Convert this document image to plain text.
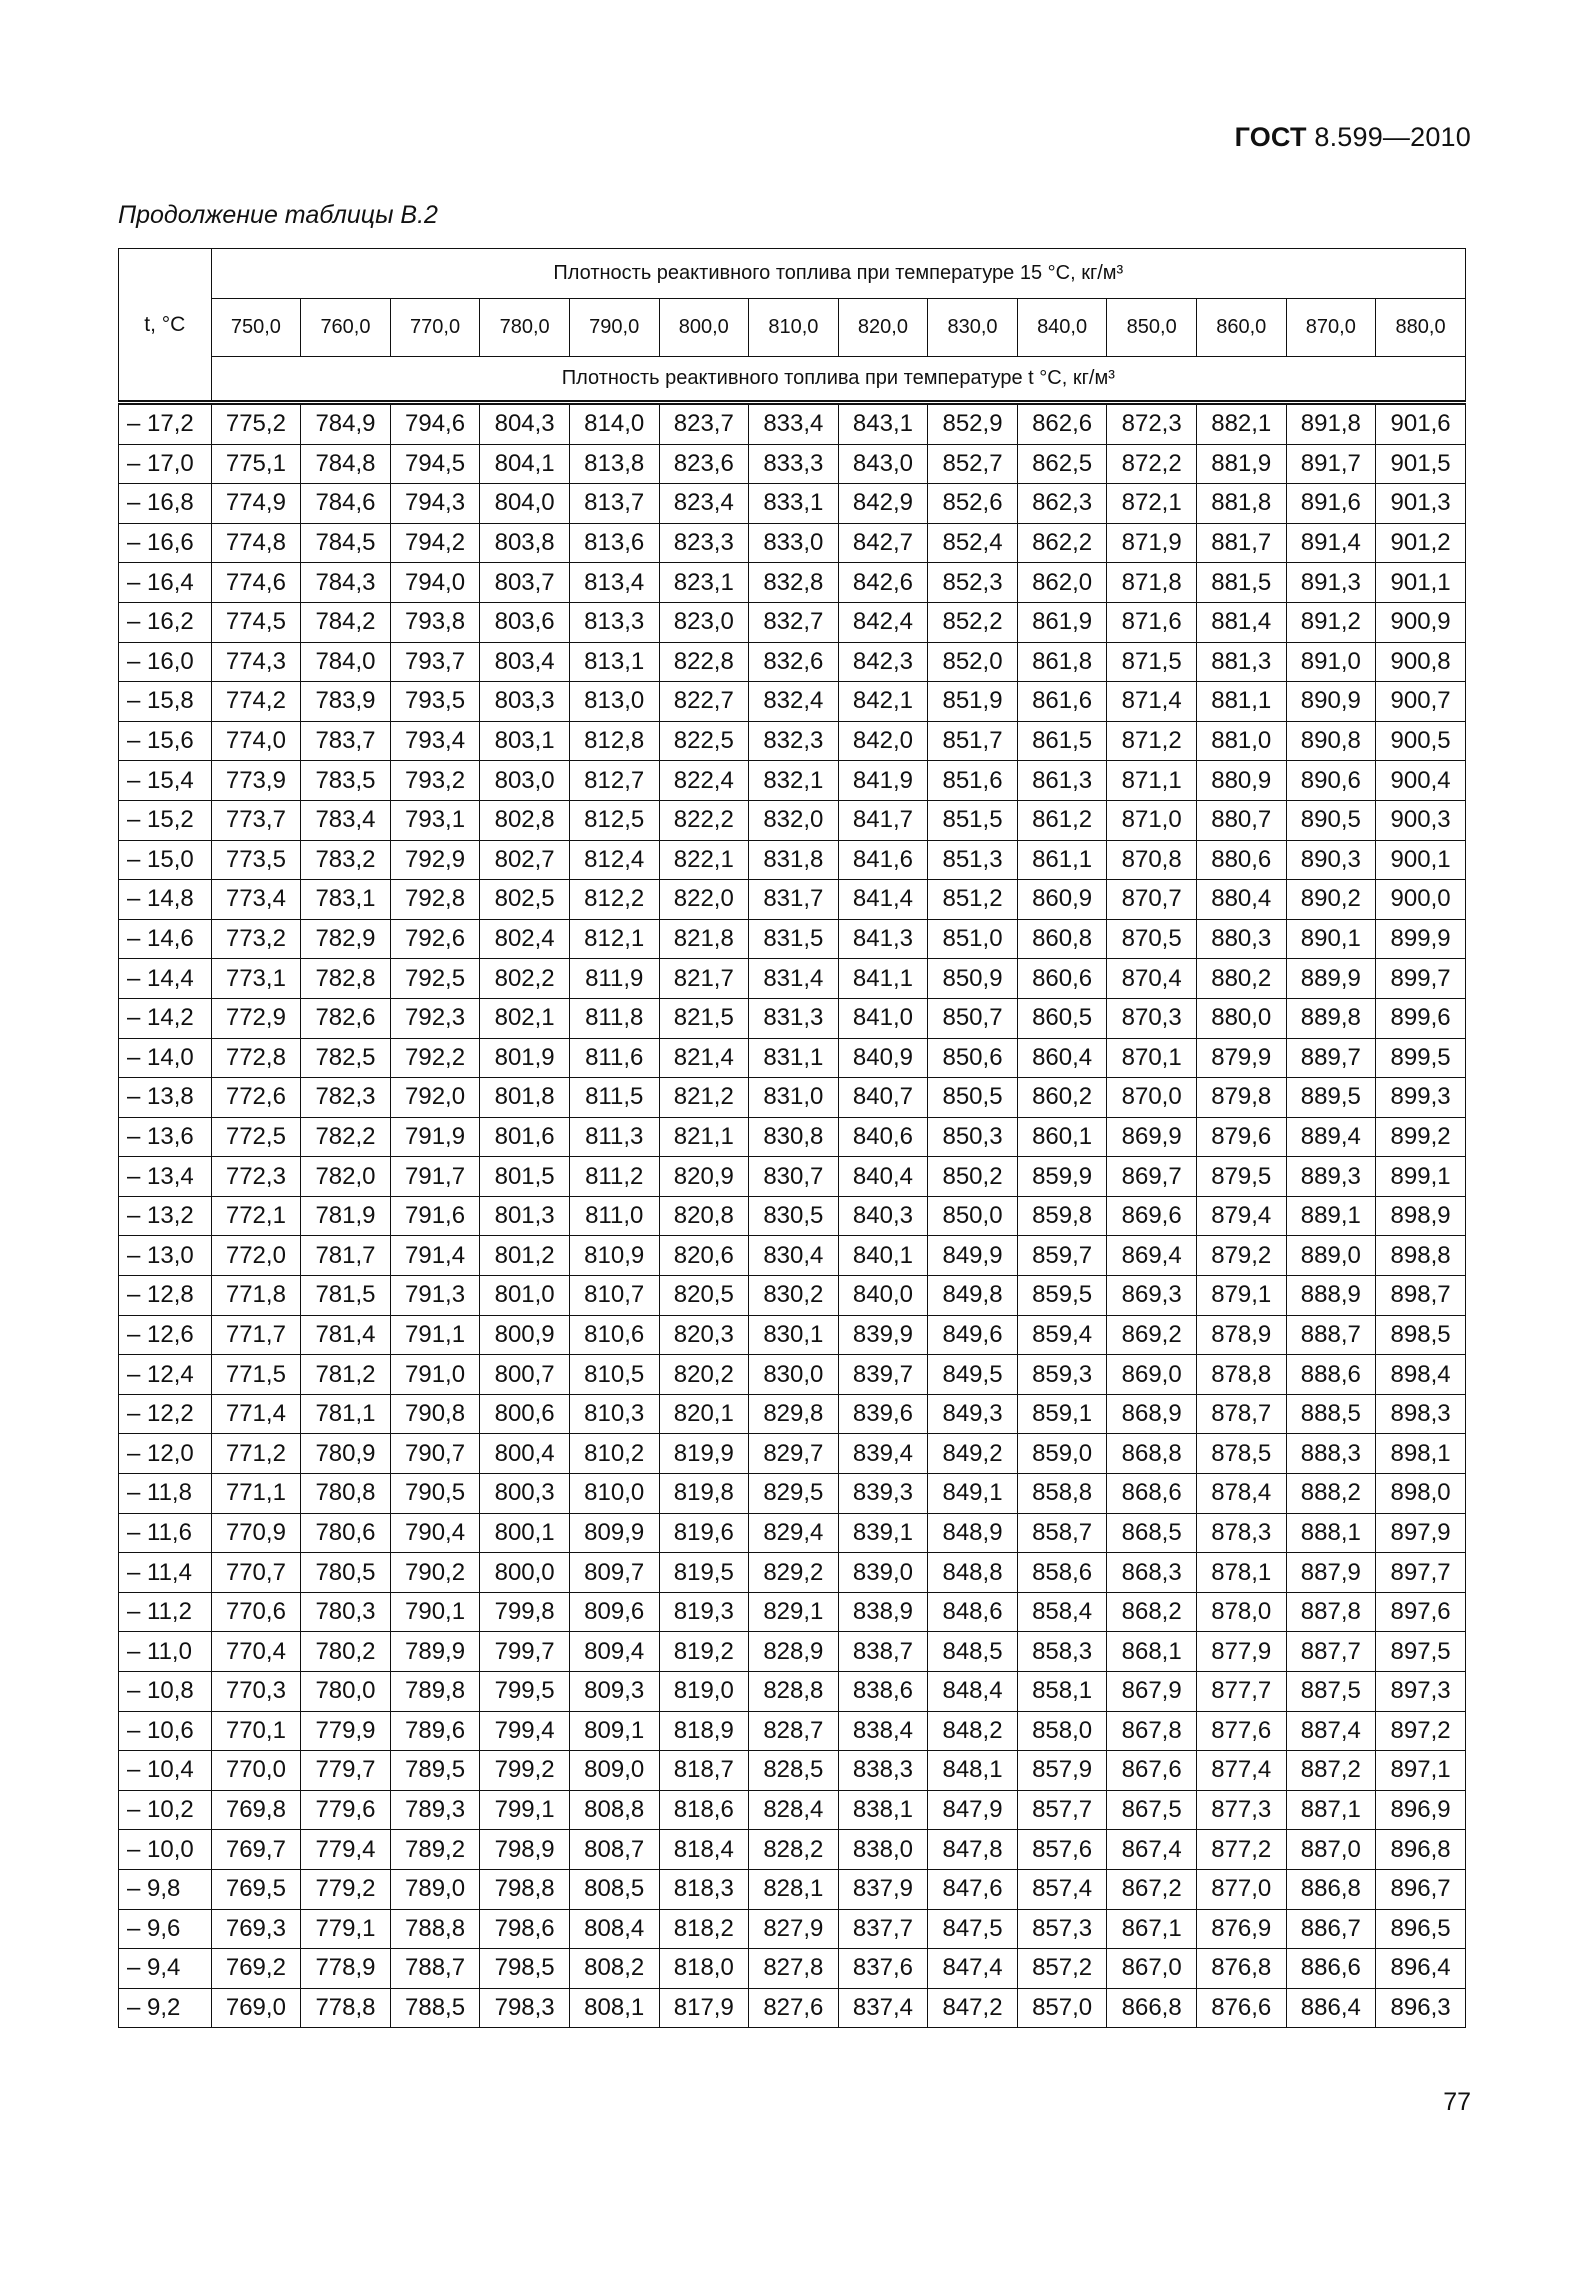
ГОСТ 8.599—2010
Продолжение таблицы В.2
t, °С	Плотность реактивного топлива при температуре 15 °С, кг/м³													
	750,0	760,0	770,0	780,0	790,0	800,0	810,0	820,0	830,0	840,0	850,0	860,0	870,0	880,0
	Плотность реактивного топлива при температуре t °С, кг/м³													
– 17,2	775,2	784,9	794,6	804,3	814,0	823,7	833,4	843,1	852,9	862,6	872,3	882,1	891,8	901,6
– 17,0	775,1	784,8	794,5	804,1	813,8	823,6	833,3	843,0	852,7	862,5	872,2	881,9	891,7	901,5
– 16,8	774,9	784,6	794,3	804,0	813,7	823,4	833,1	842,9	852,6	862,3	872,1	881,8	891,6	901,3
– 16,6	774,8	784,5	794,2	803,8	813,6	823,3	833,0	842,7	852,4	862,2	871,9	881,7	891,4	901,2
– 16,4	774,6	784,3	794,0	803,7	813,4	823,1	832,8	842,6	852,3	862,0	871,8	881,5	891,3	901,1
– 16,2	774,5	784,2	793,8	803,6	813,3	823,0	832,7	842,4	852,2	861,9	871,6	881,4	891,2	900,9
– 16,0	774,3	784,0	793,7	803,4	813,1	822,8	832,6	842,3	852,0	861,8	871,5	881,3	891,0	900,8
– 15,8	774,2	783,9	793,5	803,3	813,0	822,7	832,4	842,1	851,9	861,6	871,4	881,1	890,9	900,7
– 15,6	774,0	783,7	793,4	803,1	812,8	822,5	832,3	842,0	851,7	861,5	871,2	881,0	890,8	900,5
– 15,4	773,9	783,5	793,2	803,0	812,7	822,4	832,1	841,9	851,6	861,3	871,1	880,9	890,6	900,4
– 15,2	773,7	783,4	793,1	802,8	812,5	822,2	832,0	841,7	851,5	861,2	871,0	880,7	890,5	900,3
– 15,0	773,5	783,2	792,9	802,7	812,4	822,1	831,8	841,6	851,3	861,1	870,8	880,6	890,3	900,1
– 14,8	773,4	783,1	792,8	802,5	812,2	822,0	831,7	841,4	851,2	860,9	870,7	880,4	890,2	900,0
– 14,6	773,2	782,9	792,6	802,4	812,1	821,8	831,5	841,3	851,0	860,8	870,5	880,3	890,1	899,9
– 14,4	773,1	782,8	792,5	802,2	811,9	821,7	831,4	841,1	850,9	860,6	870,4	880,2	889,9	899,7
– 14,2	772,9	782,6	792,3	802,1	811,8	821,5	831,3	841,0	850,7	860,5	870,3	880,0	889,8	899,6
– 14,0	772,8	782,5	792,2	801,9	811,6	821,4	831,1	840,9	850,6	860,4	870,1	879,9	889,7	899,5
– 13,8	772,6	782,3	792,0	801,8	811,5	821,2	831,0	840,7	850,5	860,2	870,0	879,8	889,5	899,3
– 13,6	772,5	782,2	791,9	801,6	811,3	821,1	830,8	840,6	850,3	860,1	869,9	879,6	889,4	899,2
– 13,4	772,3	782,0	791,7	801,5	811,2	820,9	830,7	840,4	850,2	859,9	869,7	879,5	889,3	899,1
– 13,2	772,1	781,9	791,6	801,3	811,0	820,8	830,5	840,3	850,0	859,8	869,6	879,4	889,1	898,9
– 13,0	772,0	781,7	791,4	801,2	810,9	820,6	830,4	840,1	849,9	859,7	869,4	879,2	889,0	898,8
– 12,8	771,8	781,5	791,3	801,0	810,7	820,5	830,2	840,0	849,8	859,5	869,3	879,1	888,9	898,7
– 12,6	771,7	781,4	791,1	800,9	810,6	820,3	830,1	839,9	849,6	859,4	869,2	878,9	888,7	898,5
– 12,4	771,5	781,2	791,0	800,7	810,5	820,2	830,0	839,7	849,5	859,3	869,0	878,8	888,6	898,4
– 12,2	771,4	781,1	790,8	800,6	810,3	820,1	829,8	839,6	849,3	859,1	868,9	878,7	888,5	898,3
– 12,0	771,2	780,9	790,7	800,4	810,2	819,9	829,7	839,4	849,2	859,0	868,8	878,5	888,3	898,1
– 11,8	771,1	780,8	790,5	800,3	810,0	819,8	829,5	839,3	849,1	858,8	868,6	878,4	888,2	898,0
– 11,6	770,9	780,6	790,4	800,1	809,9	819,6	829,4	839,1	848,9	858,7	868,5	878,3	888,1	897,9
– 11,4	770,7	780,5	790,2	800,0	809,7	819,5	829,2	839,0	848,8	858,6	868,3	878,1	887,9	897,7
– 11,2	770,6	780,3	790,1	799,8	809,6	819,3	829,1	838,9	848,6	858,4	868,2	878,0	887,8	897,6
– 11,0	770,4	780,2	789,9	799,7	809,4	819,2	828,9	838,7	848,5	858,3	868,1	877,9	887,7	897,5
– 10,8	770,3	780,0	789,8	799,5	809,3	819,0	828,8	838,6	848,4	858,1	867,9	877,7	887,5	897,3
– 10,6	770,1	779,9	789,6	799,4	809,1	818,9	828,7	838,4	848,2	858,0	867,8	877,6	887,4	897,2
– 10,4	770,0	779,7	789,5	799,2	809,0	818,7	828,5	838,3	848,1	857,9	867,6	877,4	887,2	897,1
– 10,2	769,8	779,6	789,3	799,1	808,8	818,6	828,4	838,1	847,9	857,7	867,5	877,3	887,1	896,9
– 10,0	769,7	779,4	789,2	798,9	808,7	818,4	828,2	838,0	847,8	857,6	867,4	877,2	887,0	896,8
– 9,8	769,5	779,2	789,0	798,8	808,5	818,3	828,1	837,9	847,6	857,4	867,2	877,0	886,8	896,7
– 9,6	769,3	779,1	788,8	798,6	808,4	818,2	827,9	837,7	847,5	857,3	867,1	876,9	886,7	896,5
– 9,4	769,2	778,9	788,7	798,5	808,2	818,0	827,8	837,6	847,4	857,2	867,0	876,8	886,6	896,4
– 9,2	769,0	778,8	788,5	798,3	808,1	817,9	827,6	837,4	847,2	857,0	866,8	876,6	886,4	896,3
77
